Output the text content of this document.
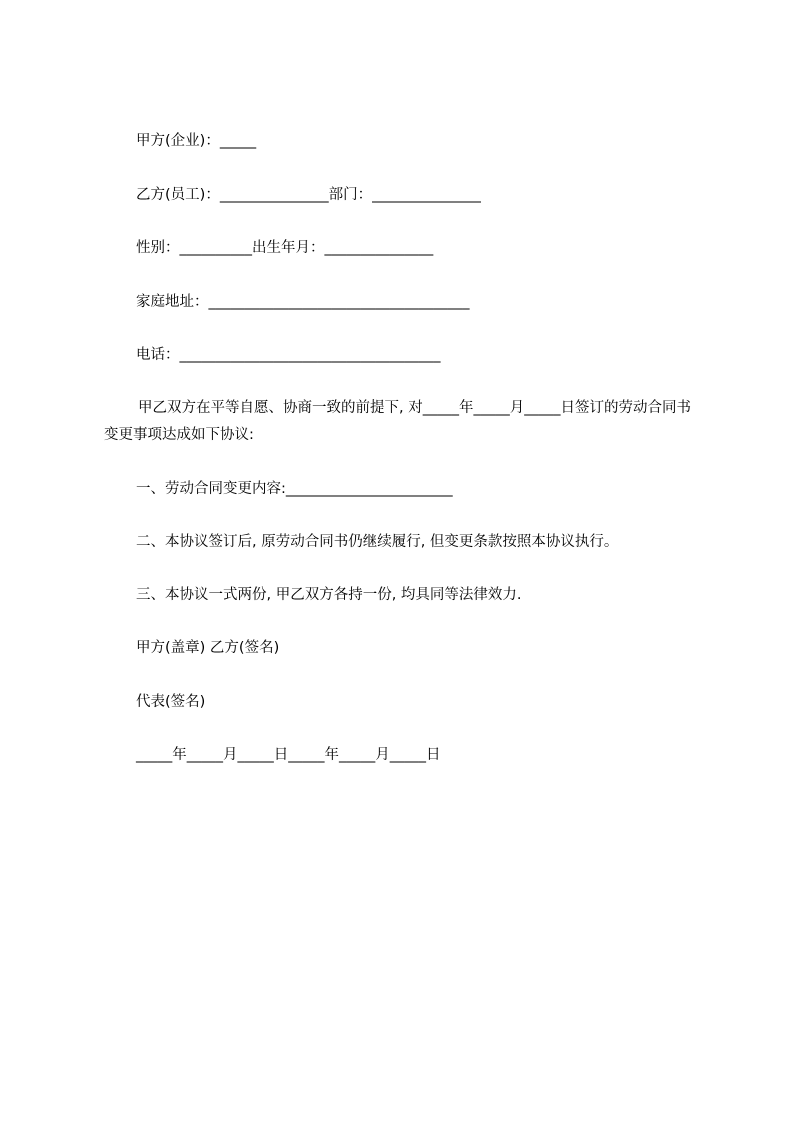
甲方(企业)：_____
乙方(员工)：_______________部门：_______________
性别：__________出生年月：_______________
家庭地址：____________________________________
电话：____________________________________
甲乙双方在平等自愿、协商一致的前提下, 对_____年_____月_____日签订的劳动合同书变更事项达成如下协议:
一、劳动合同变更内容:_______________________
二、本协议签订后, 原劳动合同书仍继续履行, 但变更条款按照本协议执行。
三、本协议一式两份, 甲乙双方各持一份, 均具同等法律效力.
甲方(盖章) 乙方(签名)
代表(签名)
_____年_____月_____日_____年_____月_____日
